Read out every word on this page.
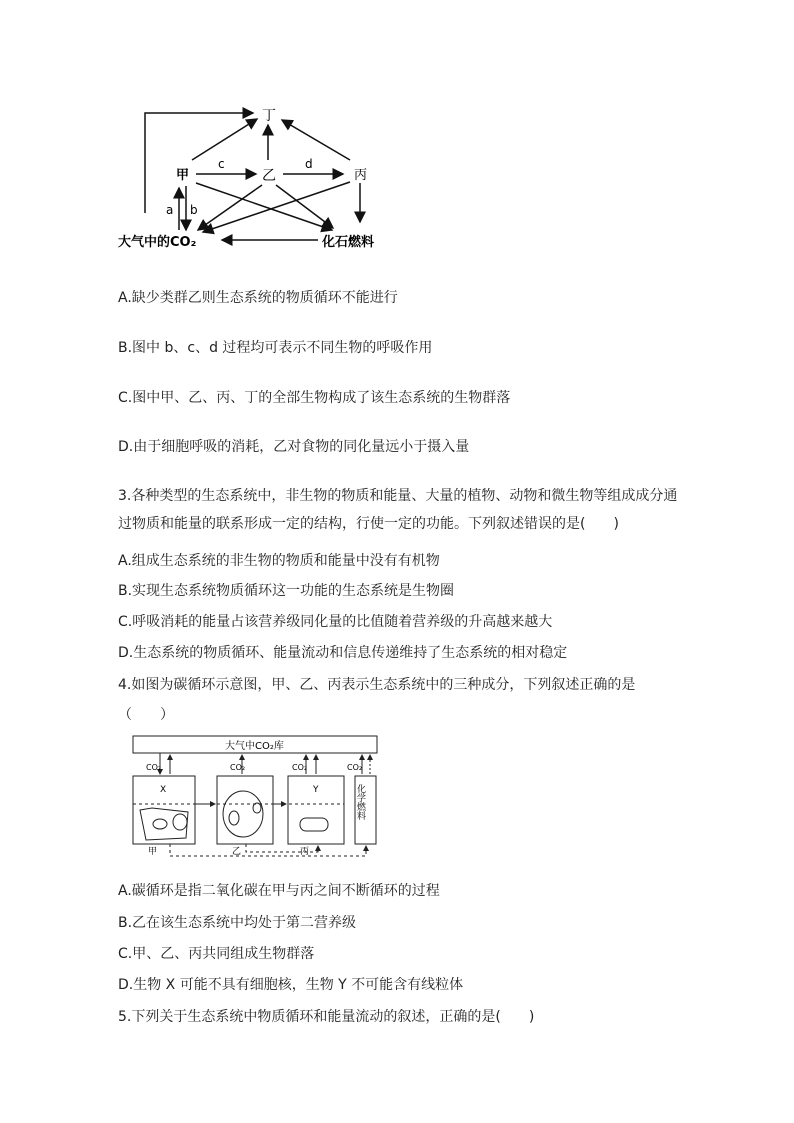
丁
甲	乙	丙
大气中的CO₂	化石燃料
c	d
a b
A.缺少类群乙则生态系统的物质循环不能进行
B.图中 b、c、d 过程均可表示不同生物的呼吸作用
C.图中甲、乙、丙、丁的全部生物构成了该生态系统的生物群落
D.由于细胞呼吸的消耗，乙对食物的同化量远小于摄入量
3.各种类型的生态系统中，非生物的物质和能量、大量的植物、动物和微生物等组成成分通过物质和能量的联系形成一定的结构，行使一定的功能。下列叙述错误的是(　　)
A.组成生态系统的非生物的物质和能量中没有有机物
B.实现生态系统物质循环这一功能的生态系统是生物圈
C.呼吸消耗的能量占该营养级同化量的比值随着营养级的升高越来越大
D.生态系统的物质循环、能量流动和信息传递维持了生态系统的相对稳定
4.如图为碳循环示意图，甲、乙、丙表示生态系统中的三种成分，下列叙述正确的是
（　　）
大气中CO₂库
CO₂	CO₂	CO₂	CO₂
X	Y	化学燃料
甲	乙	丙
A.碳循环是指二氧化碳在甲与丙之间不断循环的过程
B.乙在该生态系统中均处于第二营养级
C.甲、乙、丙共同组成生物群落
D.生物 X 可能不具有细胞核，生物 Y 不可能含有线粒体
5.下列关于生态系统中物质循环和能量流动的叙述，正确的是(　　)
